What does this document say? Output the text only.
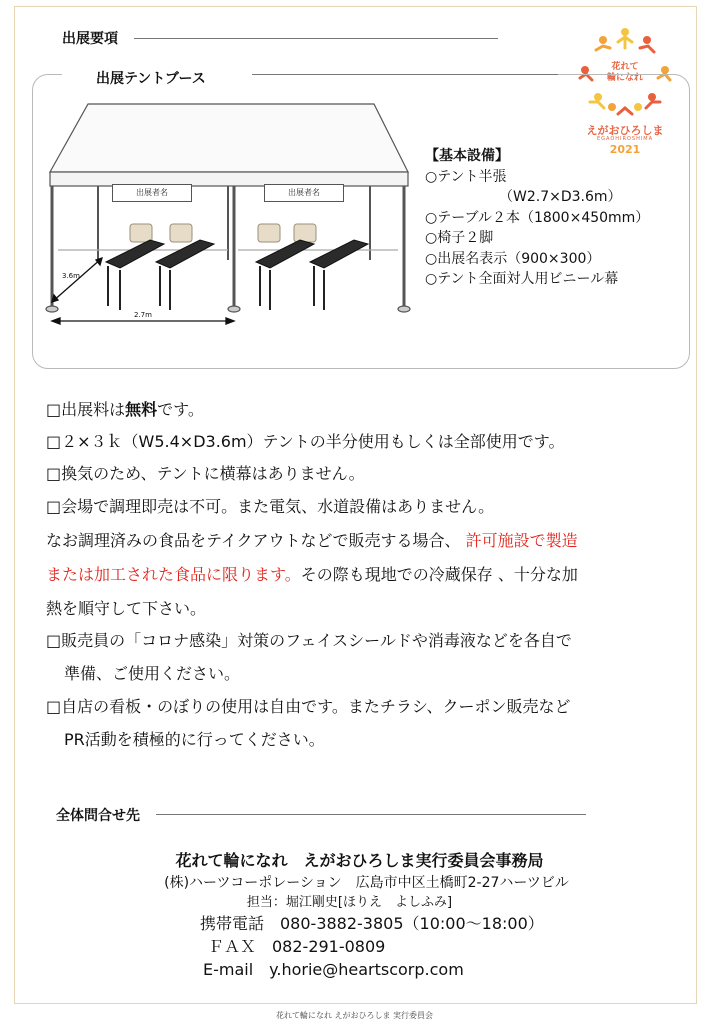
出展要項
花れて
輪になれ
えがおひろしま
EGAOHIROSHIMA
2021
出展テントブース
出展者名	出展者名
3.6m
2.7m
【基本設備】
○テント半張
（W2.7×D3.6m）
○テーブル２本（1800×450mm）
○椅子２脚
○出展名表示（900×300）
○テント全面対人用ビニール幕
□出展料は無料です。
□２×３ｋ（W5.4×D3.6m）テントの半分使用もしくは全部使用です。
□換気のため、テントに横幕はありません。
□会場で調理即売は不可。また電気、水道設備はありません。
なお調理済みの食品をテイクアウトなどで販売する場合、 許可施設で製造
または加工された食品に限ります。その際も現地での冷蔵保存 、十分な加
熱を順守して下さい。
□販売員の「コロナ感染」対策のフェイスシールドや消毒液などを各自で
準備、ご使用ください。
□自店の看板・のぼりの使用は自由です。またチラシ、クーポン販売など
PR活動を積極的に行ってください。
全体問合せ先
花れて輪になれ　えがおひろしま実行委員会事務局
(株)ハーツコーポレーション　広島市中区土橋町2-27ハーツビル
担当：堀江剛史[ほりえ　よしふみ]
携帯電話　080-3882-3805（10:00～18:00）
ＦＡＸ　082-291-0809
E-mail　y.horie@heartscorp.com
花れて輪になれ えがおひろしま 実行委員会
